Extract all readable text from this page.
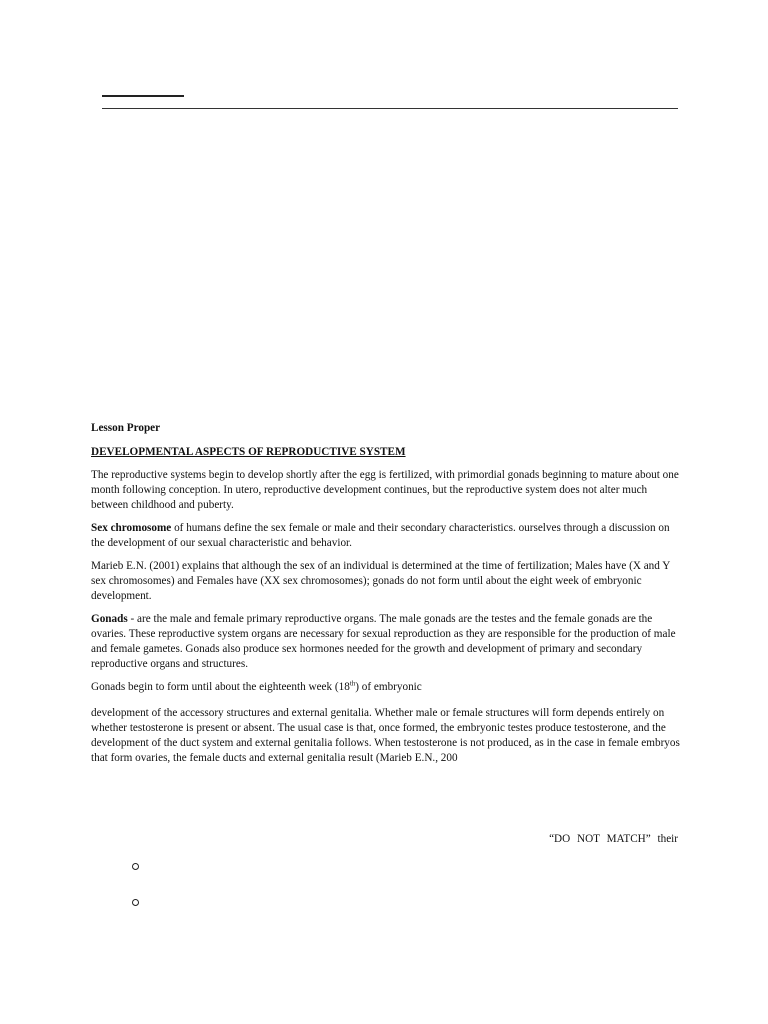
Lesson Proper

DEVELOPMENTAL ASPECTS OF REPRODUCTIVE SYSTEM

The reproductive systems begin to develop shortly after the egg is fertilized, with primordial gonads beginning to mature about one month following conception. In utero, reproductive development continues, but the reproductive system does not alter much between childhood and puberty.

Sex chromosome of humans define the sex female or male and their secondary characteristics. ourselves through a discussion on the development of our sexual characteristic and behavior.

Marieb E.N. (2001) explains that although the sex of an individual is determined at the time of fertilization; Males have (X and Y sex chromosomes) and Females have (XX sex chromosomes); gonads do not form until about the eight week of embryonic development.

Gonads - are the male and female primary reproductive organs. The male gonads are the testes and the female gonads are the ovaries. These reproductive system organs are necessary for sexual reproduction as they are responsible for the production of male and female gametes. Gonads also produce sex hormones needed for the growth and development of primary and secondary reproductive organs and structures.

Gonads begin to form until about the eighteenth week (18th) of embryonic

development of the accessory structures and external genitalia. Whether male or female structures will form depends entirely on whether testosterone is present or absent. The usual case is that, once formed, the embryonic testes produce testosterone, and the development of the duct system and external genitalia follows. When testosterone is not produced, as in the case in female embryos that form ovaries, the female ducts and external genitalia result (Marieb E.N., 200

“DO NOT MATCH” their
